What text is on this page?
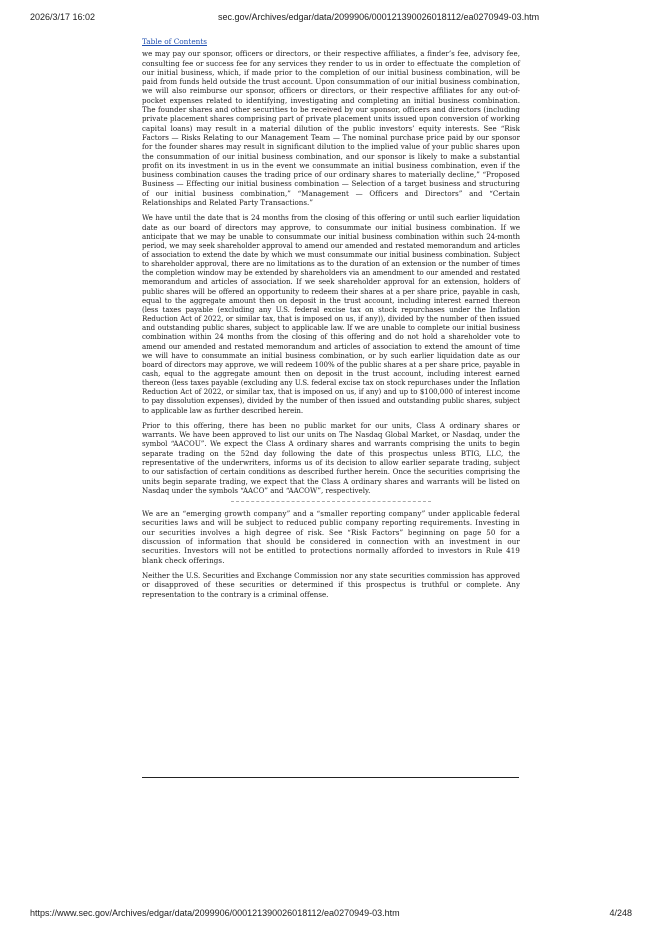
2026/3/17 16:02	sec.gov/Archives/edgar/data/2099906/000121390026018112/ea0270949-03.htm
Table of Contents

we may pay our sponsor, officers or directors, or their respective affiliates, a finder’s fee, advisory fee, consulting fee or success fee for any services they render to us in order to effectuate the completion of our initial business, which, if made prior to the completion of our initial business combination, will be paid from funds held outside the trust account. Upon consummation of our initial business combination, we will also reimburse our sponsor, officers or directors, or their respective affiliates for any out-of-pocket expenses related to identifying, investigating and completing an initial business combination. The founder shares and other securities to be received by our sponsor, officers and directors (including private placement shares comprising part of private placement units issued upon conversion of working capital loans) may result in a material dilution of the public investors’ equity interests. See “Risk Factors — Risks Relating to our Management Team — The nominal purchase price paid by our sponsor for the founder shares may result in significant dilution to the implied value of your public shares upon the consummation of our initial business combination, and our sponsor is likely to make a substantial profit on its investment in us in the event we consummate an initial business combination, even if the business combination causes the trading price of our ordinary shares to materially decline,” “Proposed Business — Effecting our initial business combination — Selection of a target business and structuring of our initial business combination,” “Management — Officers and Directors” and “Certain Relationships and Related Party Transactions.”

We have until the date that is 24 months from the closing of this offering or until such earlier liquidation date as our board of directors may approve, to consummate our initial business combination. If we anticipate that we may be unable to consummate our initial business combination within such 24-month period, we may seek shareholder approval to amend our amended and restated memorandum and articles of association to extend the date by which we must consummate our initial business combination. Subject to shareholder approval, there are no limitations as to the duration of an extension or the number of times the completion window may be extended by shareholders via an amendment to our amended and restated memorandum and articles of association. If we seek shareholder approval for an extension, holders of public shares will be offered an opportunity to redeem their shares at a per share price, payable in cash, equal to the aggregate amount then on deposit in the trust account, including interest earned thereon (less taxes payable (excluding any U.S. federal excise tax on stock repurchases under the Inflation Reduction Act of 2022, or similar tax, that is imposed on us, if any)), divided by the number of then issued and outstanding public shares, subject to applicable law. If we are unable to complete our initial business combination within 24 months from the closing of this offering and do not hold a shareholder vote to amend our amended and restated memorandum and articles of association to extend the amount of time we will have to consummate an initial business combination, or by such earlier liquidation date as our board of directors may approve, we will redeem 100% of the public shares at a per share price, payable in cash, equal to the aggregate amount then on deposit in the trust account, including interest earned thereon (less taxes payable (excluding any U.S. federal excise tax on stock repurchases under the Inflation Reduction Act of 2022, or similar tax, that is imposed on us, if any) and up to $100,000 of interest income to pay dissolution expenses), divided by the number of then issued and outstanding public shares, subject to applicable law as further described herein.

Prior to this offering, there has been no public market for our units, Class A ordinary shares or warrants. We have been approved to list our units on The Nasdaq Global Market, or Nasdaq, under the symbol “AACOU”. We expect the Class A ordinary shares and warrants comprising the units to begin separate trading on the 52nd day following the date of this prospectus unless BTIG, LLC, the representative of the underwriters, informs us of its decision to allow earlier separate trading, subject to our satisfaction of certain conditions as described further herein. Once the securities comprising the units begin separate trading, we expect that the Class A ordinary shares and warrants will be listed on Nasdaq under the symbols “AACO” and “AACOW”, respectively.

We are an “emerging growth company” and a “smaller reporting company” under applicable federal securities laws and will be subject to reduced public company reporting requirements. Investing in our securities involves a high degree of risk. See “Risk Factors” beginning on page 50 for a discussion of information that should be considered in connection with an investment in our securities. Investors will not be entitled to protections normally afforded to investors in Rule 419 blank check offerings.

Neither the U.S. Securities and Exchange Commission nor any state securities commission has approved or disapproved of these securities or determined if this prospectus is truthful or complete. Any representation to the contrary is a criminal offense.

https://www.sec.gov/Archives/edgar/data/2099906/000121390026018112/ea0270949-03.htm	4/248
